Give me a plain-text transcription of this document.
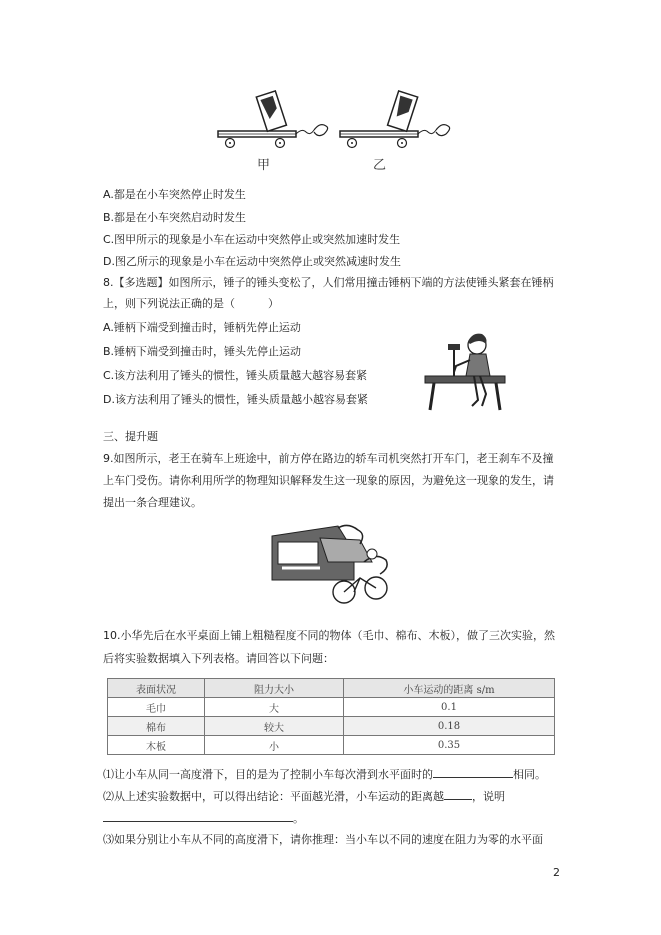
甲	乙
A.都是在小车突然停止时发生
B.都是在小车突然启动时发生
C.图甲所示的现象是小车在运动中突然停止或突然加速时发生
D.图乙所示的现象是小车在运动中突然停止或突然减速时发生
8.【多选题】如图所示，锤子的锤头变松了，人们常用撞击锤柄下端的方法使锤头紧套在锤柄
上，则下列说法正确的是（　　　）
A.锤柄下端受到撞击时，锤柄先停止运动
B.锤柄下端受到撞击时，锤头先停止运动
C.该方法利用了锤头的惯性，锤头质量越大越容易套紧
D.该方法利用了锤头的惯性，锤头质量越小越容易套紧
三、提升题
9.如图所示，老王在骑车上班途中，前方停在路边的轿车司机突然打开车门，老王刹车不及撞
上车门受伤。请你利用所学的物理知识解释发生这一现象的原因，为避免这一现象的发生，请
提出一条合理建议。
10.小华先后在水平桌面上铺上粗糙程度不同的物体（毛巾、棉布、木板），做了三次实验，然
后将实验数据填入下列表格。请回答以下问题：
表面状况	阻力大小	小车运动的距离 s/m
毛巾	大	0.1
棉布	较大	0.18
木板	小	0.35
⑴让小车从同一高度滑下，目的是为了控制小车每次滑到水平面时的	相同。
⑵从上述实验数据中，可以得出结论：平面越光滑，小车运动的距离越	，说明
。
⑶如果分别让小车从不同的高度滑下，请你推理：当小车以不同的速度在阻力为零的水平面
2
